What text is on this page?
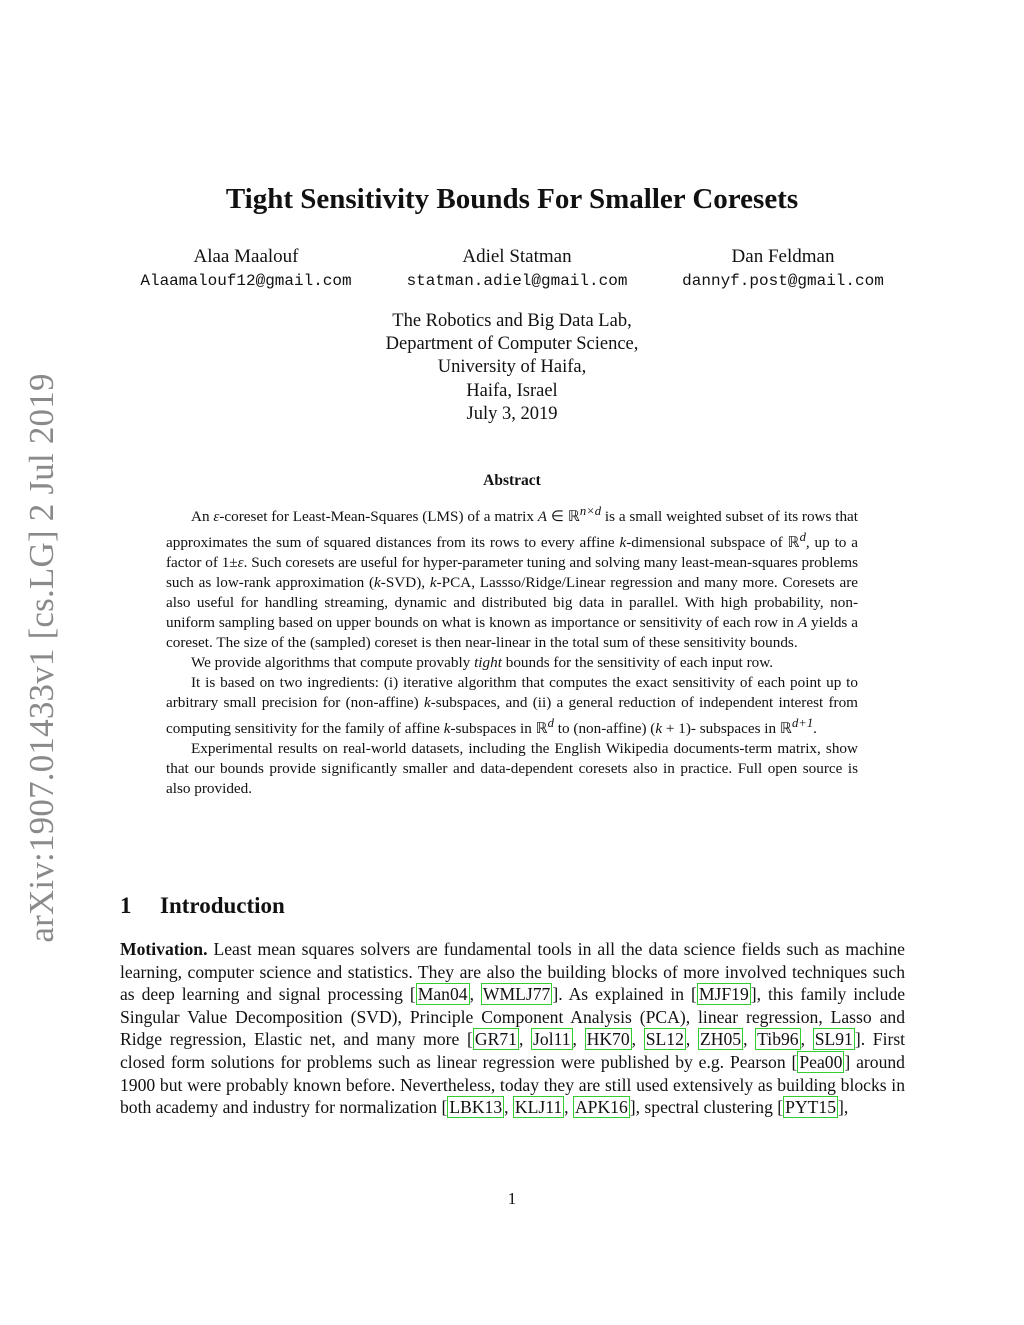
arXiv:1907.01433v1 [cs.LG] 2 Jul 2019
Tight Sensitivity Bounds For Smaller Coresets
Alaa Maalouf
Alaamalouf12@gmail.com
Adiel Statman
statman.adiel@gmail.com
Dan Feldman
dannyf.post@gmail.com
The Robotics and Big Data Lab,
Department of Computer Science,
University of Haifa,
Haifa, Israel
July 3, 2019
Abstract

An ε-coreset for Least-Mean-Squares (LMS) of a matrix A ∈ ℝ$^{n\times d}$ is a small weighted subset of its rows that approximates the sum of squared distances from its rows to every affine k-dimensional subspace of ℝ$^d$, up to a factor of 1±ε. Such coresets are useful for hyper-parameter tuning and solving many least-mean-squares problems such as low-rank approximation (k-SVD), k-PCA, Lassso/Ridge/Linear regression and many more. Coresets are also useful for handling streaming, dynamic and distributed big data in parallel. With high probability, non-uniform sampling based on upper bounds on what is known as importance or sensitivity of each row in A yields a coreset. The size of the (sampled) coreset is then near-linear in the total sum of these sensitivity bounds.

We provide algorithms that compute provably tight bounds for the sensitivity of each input row.

It is based on two ingredients: (i) iterative algorithm that computes the exact sensitivity of each point up to arbitrary small precision for (non-affine) k-subspaces, and (ii) a general reduction of independent interest from computing sensitivity for the family of affine k-subspaces in ℝ$^d$ to (non-affine) (k + 1)- subspaces in ℝ$^{d+1}$.

Experimental results on real-world datasets, including the English Wikipedia documents-term matrix, show that our bounds provide significantly smaller and data-dependent coresets also in practice. Full open source is also provided.

1 Introduction

Motivation. Least mean squares solvers are fundamental tools in all the data science fields such as machine learning, computer science and statistics. They are also the building blocks of more involved techniques such as deep learning and signal processing [ Man04 , WMLJ77 ]. As explained in [ MJF19 ], this family include Singular Value Decomposition (SVD), Principle Component Analysis (PCA), linear regression, Lasso and Ridge regression, Elastic net, and many more [ GR71 , Jol11 , HK70 , SL12 , ZH05 , Tib96 , SL91 ]. First closed form solutions for problems such as linear regression were published by e.g. Pearson [ Pea00 ] around 1900 but were probably known before. Nevertheless, today they are still used extensively as building blocks in both academy and industry for normalization [ LBK13 , KLJ11 , APK16 ], spectral clustering [ PYT15 ],

1
